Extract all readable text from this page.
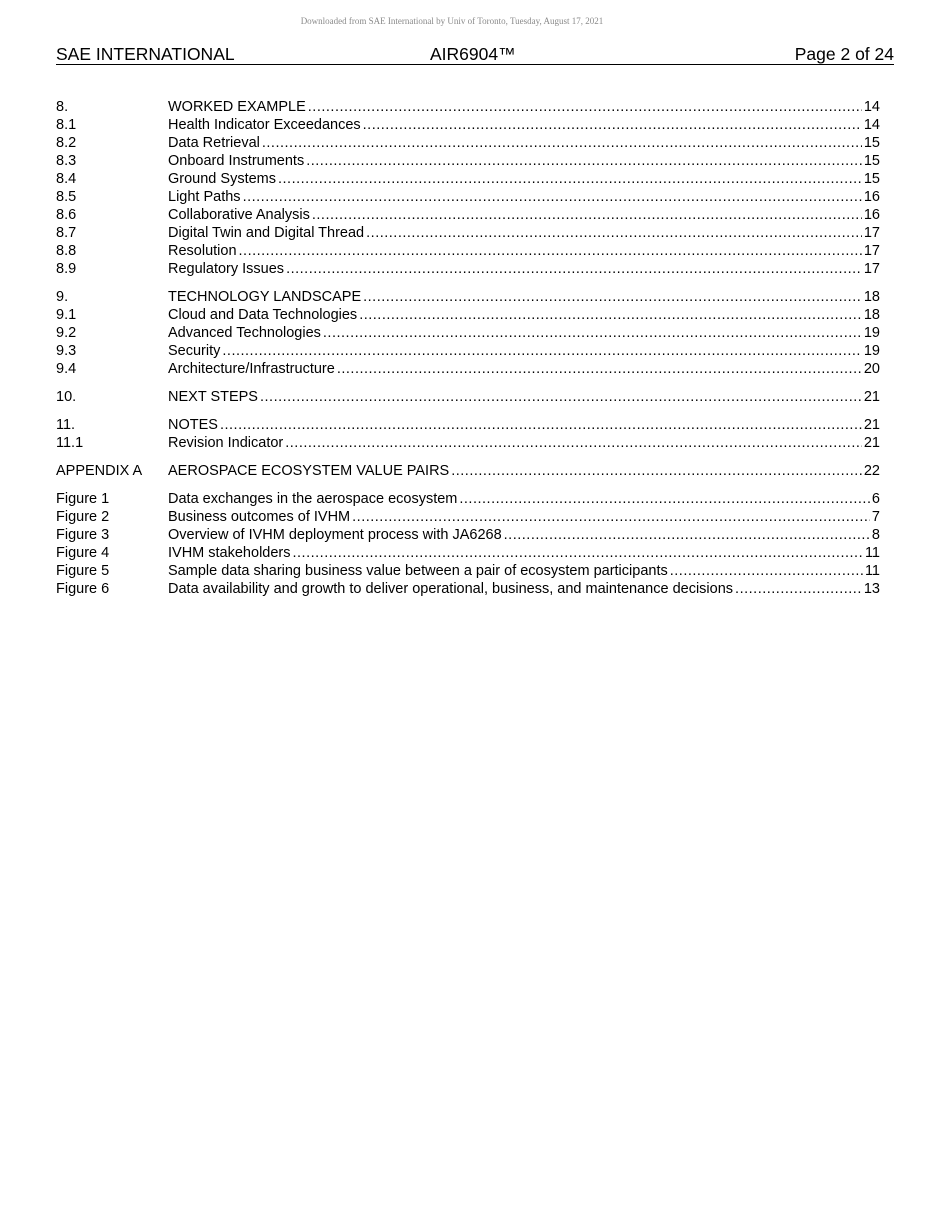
Downloaded from SAE International by Univ of Toronto, Tuesday, August 17, 2021
SAE INTERNATIONAL	AIR6904™	Page 2 of 24
8.	WORKED EXAMPLE .....	14
8.1	Health Indicator Exceedances .....	14
8.2	Data Retrieval .....	15
8.3	Onboard Instruments .....	15
8.4	Ground Systems .....	15
8.5	Light Paths .....	16
8.6	Collaborative Analysis .....	16
8.7	Digital Twin and Digital Thread .....	17
8.8	Resolution .....	17
8.9	Regulatory Issues .....	17
9.	TECHNOLOGY LANDSCAPE .....	18
9.1	Cloud and Data Technologies .....	18
9.2	Advanced Technologies .....	19
9.3	Security .....	19
9.4	Architecture/Infrastructure .....	20
10.	NEXT STEPS .....	21
11.	NOTES .....	21
11.1	Revision Indicator .....	21
APPENDIX A	AEROSPACE ECOSYSTEM VALUE PAIRS .....	22
Figure 1	Data exchanges in the aerospace ecosystem .....	6
Figure 2	Business outcomes of IVHM .....	7
Figure 3	Overview of IVHM deployment process with JA6268 .....	8
Figure 4	IVHM stakeholders .....	11
Figure 5	Sample data sharing business value between a pair of ecosystem participants .....	11
Figure 6	Data availability and growth to deliver operational, business, and maintenance decisions .....	13
